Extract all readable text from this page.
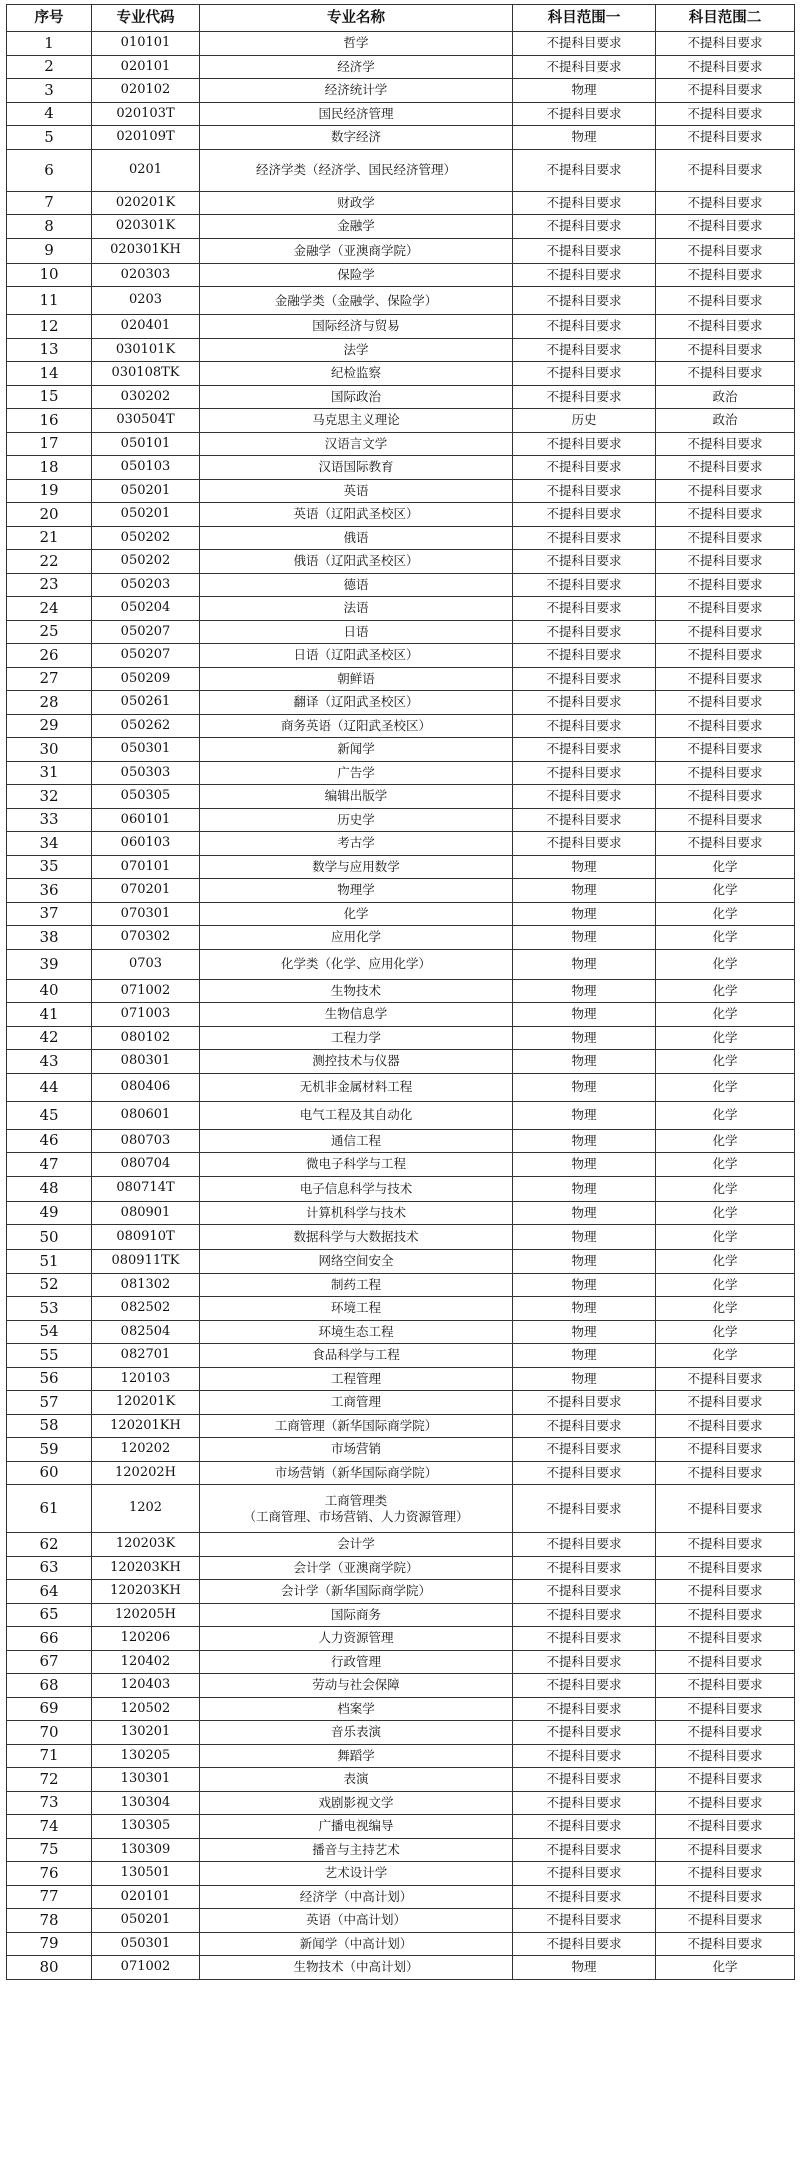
序号	专业代码	专业名称	科目范围一	科目范围二
1	010101	哲学	不提科目要求	不提科目要求
2	020101	经济学	不提科目要求	不提科目要求
3	020102	经济统计学	物理	不提科目要求
4	020103T	国民经济管理	不提科目要求	不提科目要求
5	020109T	数字经济	物理	不提科目要求
6	0201	经济学类（经济学、国民经济管理）	不提科目要求	不提科目要求
7	020201K	财政学	不提科目要求	不提科目要求
8	020301K	金融学	不提科目要求	不提科目要求
9	020301KH	金融学（亚澳商学院）	不提科目要求	不提科目要求
10	020303	保险学	不提科目要求	不提科目要求
11	0203	金融学类（金融学、保险学）	不提科目要求	不提科目要求
12	020401	国际经济与贸易	不提科目要求	不提科目要求
13	030101K	法学	不提科目要求	不提科目要求
14	030108TK	纪检监察	不提科目要求	不提科目要求
15	030202	国际政治	不提科目要求	政治
16	030504T	马克思主义理论	历史	政治
17	050101	汉语言文学	不提科目要求	不提科目要求
18	050103	汉语国际教育	不提科目要求	不提科目要求
19	050201	英语	不提科目要求	不提科目要求
20	050201	英语（辽阳武圣校区）	不提科目要求	不提科目要求
21	050202	俄语	不提科目要求	不提科目要求
22	050202	俄语（辽阳武圣校区）	不提科目要求	不提科目要求
23	050203	德语	不提科目要求	不提科目要求
24	050204	法语	不提科目要求	不提科目要求
25	050207	日语	不提科目要求	不提科目要求
26	050207	日语（辽阳武圣校区）	不提科目要求	不提科目要求
27	050209	朝鲜语	不提科目要求	不提科目要求
28	050261	翻译（辽阳武圣校区）	不提科目要求	不提科目要求
29	050262	商务英语（辽阳武圣校区）	不提科目要求	不提科目要求
30	050301	新闻学	不提科目要求	不提科目要求
31	050303	广告学	不提科目要求	不提科目要求
32	050305	编辑出版学	不提科目要求	不提科目要求
33	060101	历史学	不提科目要求	不提科目要求
34	060103	考古学	不提科目要求	不提科目要求
35	070101	数学与应用数学	物理	化学
36	070201	物理学	物理	化学
37	070301	化学	物理	化学
38	070302	应用化学	物理	化学
39	0703	化学类（化学、应用化学）	物理	化学
40	071002	生物技术	物理	化学
41	071003	生物信息学	物理	化学
42	080102	工程力学	物理	化学
43	080301	测控技术与仪器	物理	化学
44	080406	无机非金属材料工程	物理	化学
45	080601	电气工程及其自动化	物理	化学
46	080703	通信工程	物理	化学
47	080704	微电子科学与工程	物理	化学
48	080714T	电子信息科学与技术	物理	化学
49	080901	计算机科学与技术	物理	化学
50	080910T	数据科学与大数据技术	物理	化学
51	080911TK	网络空间安全	物理	化学
52	081302	制药工程	物理	化学
53	082502	环境工程	物理	化学
54	082504	环境生态工程	物理	化学
55	082701	食品科学与工程	物理	化学
56	120103	工程管理	物理	不提科目要求
57	120201K	工商管理	不提科目要求	不提科目要求
58	120201KH	工商管理（新华国际商学院）	不提科目要求	不提科目要求
59	120202	市场营销	不提科目要求	不提科目要求
60	120202H	市场营销（新华国际商学院）	不提科目要求	不提科目要求
61	1202	工商管理类
（工商管理、市场营销、人力资源管理）	不提科目要求	不提科目要求
62	120203K	会计学	不提科目要求	不提科目要求
63	120203KH	会计学（亚澳商学院）	不提科目要求	不提科目要求
64	120203KH	会计学（新华国际商学院）	不提科目要求	不提科目要求
65	120205H	国际商务	不提科目要求	不提科目要求
66	120206	人力资源管理	不提科目要求	不提科目要求
67	120402	行政管理	不提科目要求	不提科目要求
68	120403	劳动与社会保障	不提科目要求	不提科目要求
69	120502	档案学	不提科目要求	不提科目要求
70	130201	音乐表演	不提科目要求	不提科目要求
71	130205	舞蹈学	不提科目要求	不提科目要求
72	130301	表演	不提科目要求	不提科目要求
73	130304	戏剧影视文学	不提科目要求	不提科目要求
74	130305	广播电视编导	不提科目要求	不提科目要求
75	130309	播音与主持艺术	不提科目要求	不提科目要求
76	130501	艺术设计学	不提科目要求	不提科目要求
77	020101	经济学（中高计划）	不提科目要求	不提科目要求
78	050201	英语（中高计划）	不提科目要求	不提科目要求
79	050301	新闻学（中高计划）	不提科目要求	不提科目要求
80	071002	生物技术（中高计划）	物理	化学
